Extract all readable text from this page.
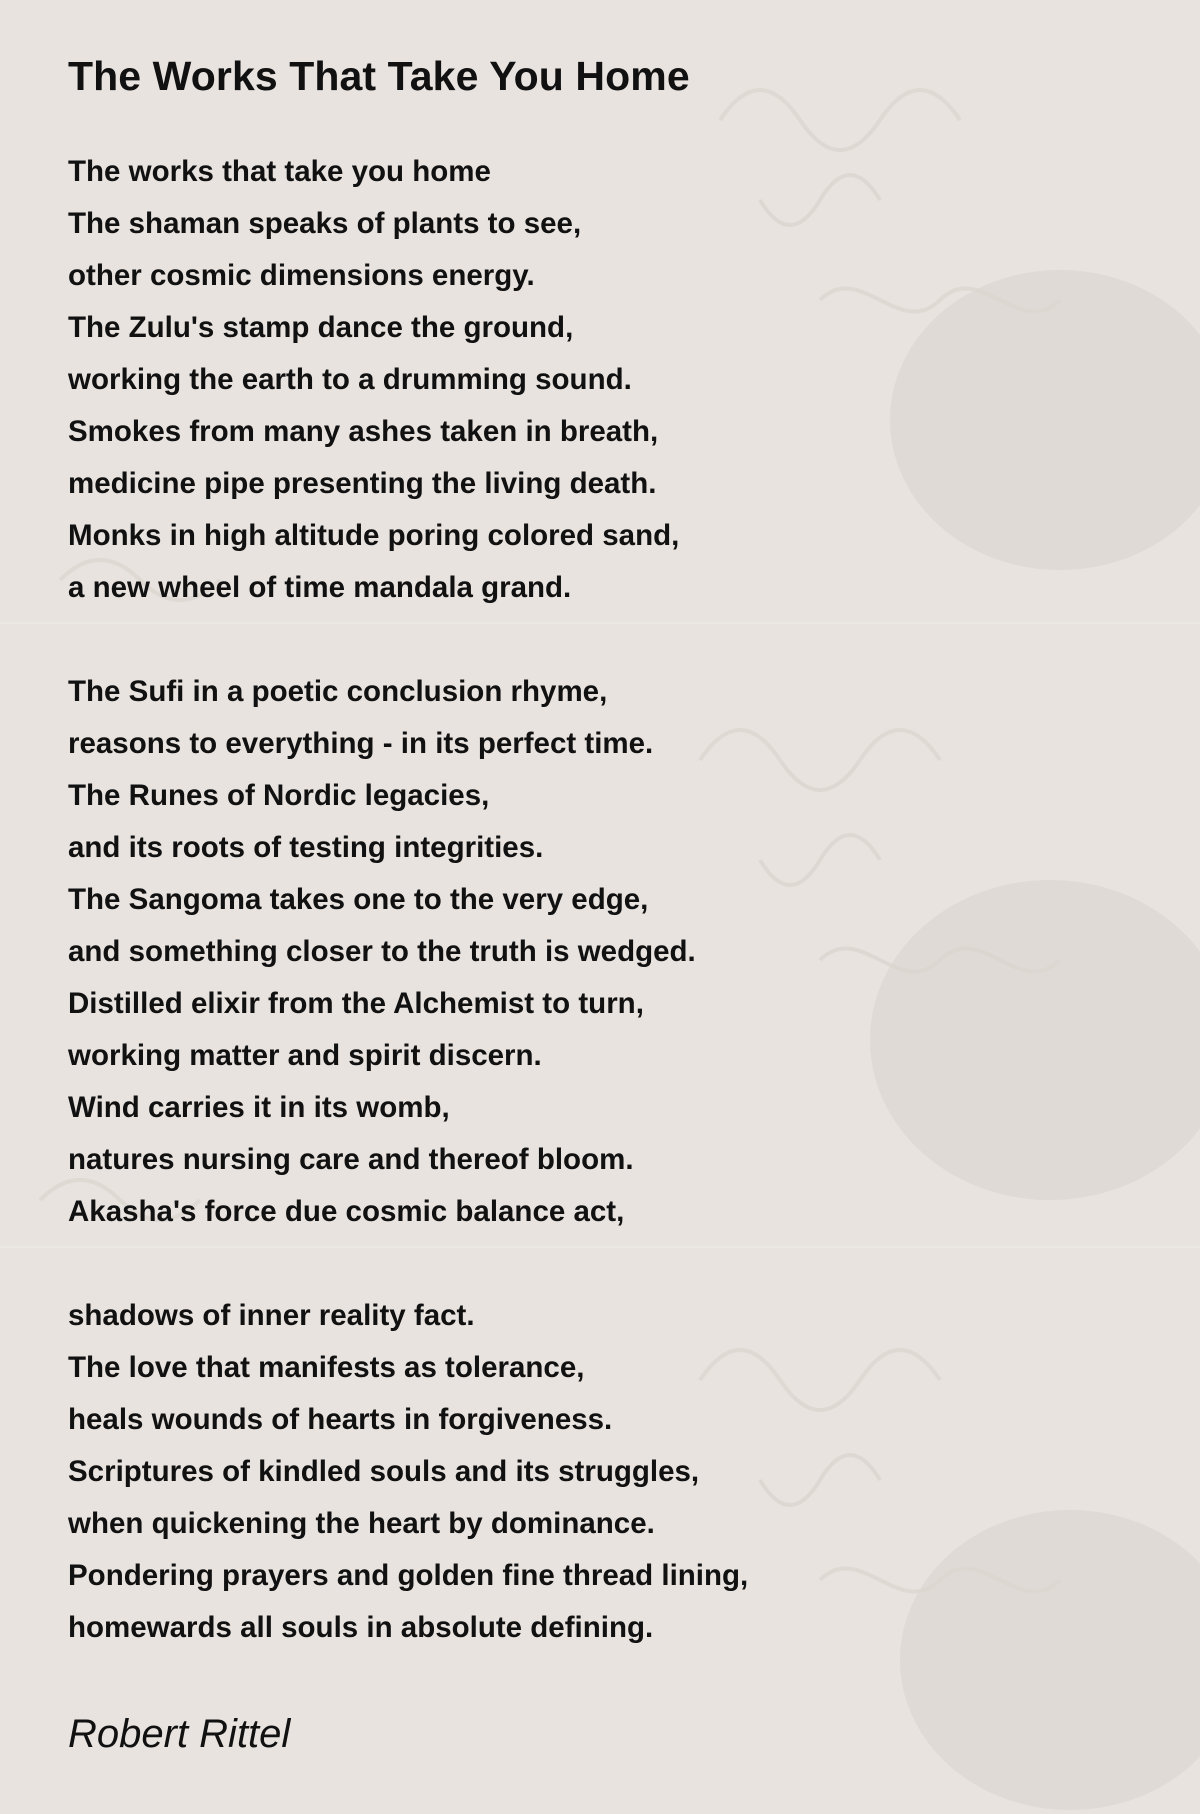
The Works That Take You Home
The works that take you home
The shaman speaks of plants to see,
other cosmic dimensions energy.
The Zulu's stamp dance the ground,
working the earth to a drumming sound.
Smokes from many ashes taken in breath,
medicine pipe presenting the living death.
Monks in high altitude poring colored sand,
a new wheel of time mandala grand.
The Sufi in a poetic conclusion rhyme,
reasons to everything - in its perfect time.
The Runes of Nordic legacies,
and its roots of testing integrities.
The Sangoma takes one to the very edge,
and something closer to the truth is wedged.
Distilled elixir from the Alchemist to turn,
working matter and spirit discern.
Wind carries it in its womb,
natures nursing care and thereof bloom.
Akasha's force due cosmic balance act,
shadows of inner reality fact.
The love that manifests as tolerance,
heals wounds of hearts in forgiveness.
Scriptures of kindled souls and its struggles,
when quickening the heart by dominance.
Pondering prayers and golden fine thread lining,
homewards all souls in absolute defining.
Robert Rittel
